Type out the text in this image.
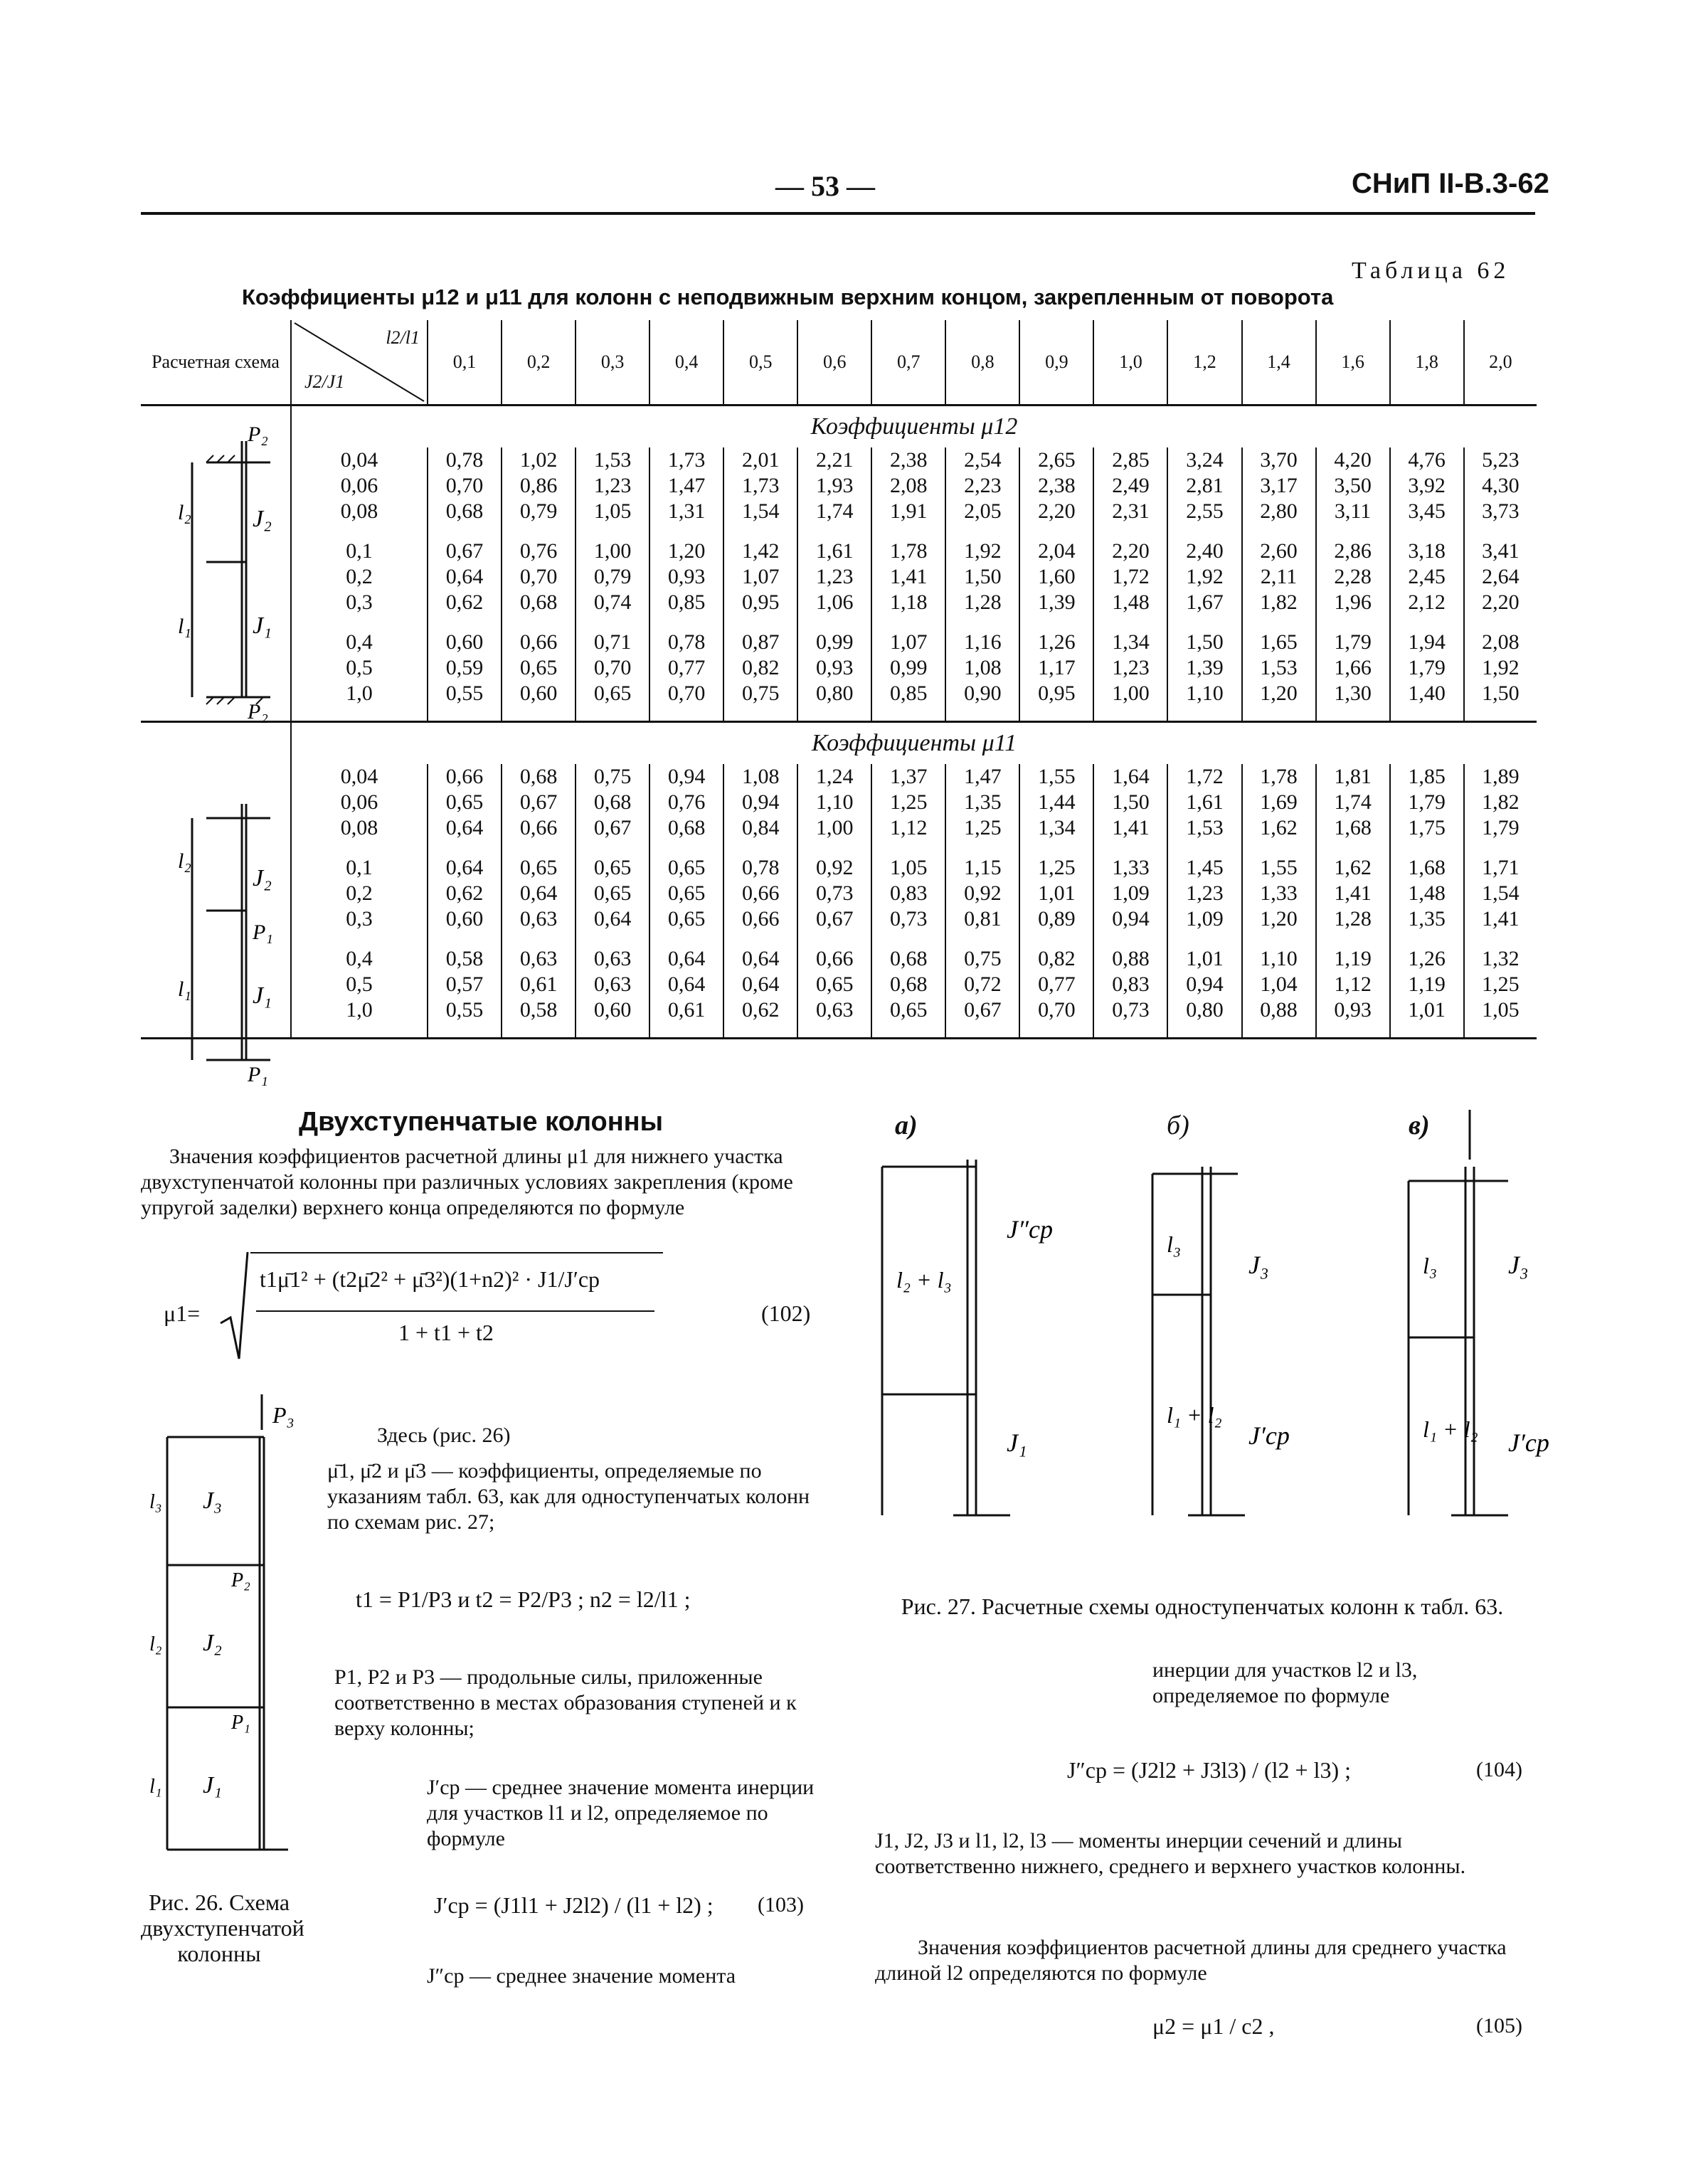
— 53 —	СНиП II-В.3-62
Таблица 62
Коэффициенты μ12 и μ11 для колонн с неподвижным верхним концом, закрепленным от поворота
Расчетная схема	l2/l1
J2/J1	0,1	0,2	0,3	0,4	0,5	0,6	0,7	0,8	0,9	1,0	1,2	1,4	1,6	1,8	2,0
	Коэффициенты μ12															
	0,04	0,78	1,02	1,53	1,73	2,01	2,21	2,38	2,54	2,65	2,85	3,24	3,70	4,20	4,76	5,23
	0,06	0,70	0,86	1,23	1,47	1,73	1,93	2,08	2,23	2,38	2,49	2,81	3,17	3,50	3,92	4,30
	0,08	0,68	0,79	1,05	1,31	1,54	1,74	1,91	2,05	2,20	2,31	2,55	2,80	3,11	3,45	3,73

	0,1	0,67	0,76	1,00	1,20	1,42	1,61	1,78	1,92	2,04	2,20	2,40	2,60	2,86	3,18	3,41
	0,2	0,64	0,70	0,79	0,93	1,07	1,23	1,41	1,50	1,60	1,72	1,92	2,11	2,28	2,45	2,64
	0,3	0,62	0,68	0,74	0,85	0,95	1,06	1,18	1,28	1,39	1,48	1,67	1,82	1,96	2,12	2,20

	0,4	0,60	0,66	0,71	0,78	0,87	0,99	1,07	1,16	1,26	1,34	1,50	1,65	1,79	1,94	2,08
	0,5	0,59	0,65	0,70	0,77	0,82	0,93	0,99	1,08	1,17	1,23	1,39	1,53	1,66	1,79	1,92
	1,0	0,55	0,60	0,65	0,70	0,75	0,80	0,85	0,90	0,95	1,00	1,10	1,20	1,30	1,40	1,50

	Коэффициенты μ11															
	0,04	0,66	0,68	0,75	0,94	1,08	1,24	1,37	1,47	1,55	1,64	1,72	1,78	1,81	1,85	1,89
	0,06	0,65	0,67	0,68	0,76	0,94	1,10	1,25	1,35	1,44	1,50	1,61	1,69	1,74	1,79	1,82
	0,08	0,64	0,66	0,67	0,68	0,84	1,00	1,12	1,25	1,34	1,41	1,53	1,62	1,68	1,75	1,79

	0,1	0,64	0,65	0,65	0,65	0,78	0,92	1,05	1,15	1,25	1,33	1,45	1,55	1,62	1,68	1,71
	0,2	0,62	0,64	0,65	0,65	0,66	0,73	0,83	0,92	1,01	1,09	1,23	1,33	1,41	1,48	1,54
	0,3	0,60	0,63	0,64	0,65	0,66	0,67	0,73	0,81	0,89	0,94	1,09	1,20	1,28	1,35	1,41

	0,4	0,58	0,63	0,63	0,64	0,64	0,66	0,68	0,75	0,82	0,88	1,01	1,10	1,19	1,26	1,32
	0,5	0,57	0,61	0,63	0,64	0,64	0,65	0,68	0,72	0,77	0,83	0,94	1,04	1,12	1,19	1,25
	1,0	0,55	0,58	0,60	0,61	0,62	0,63	0,65	0,67	0,70	0,73	0,80	0,88	0,93	1,01	1,05

P₂
P₂
J₂
J₁
l₂
l₁
J₂
P₁
J₁
P₁
l₂
l₁
Двухступенчатые колонны
Значения коэффициентов расчетной длины μ1 для нижнего участка двухступенчатой колонны при различных условиях закрепления (кроме упругой заделки) верхнего конца определяются по формуле
μ1=
t1μ̄1² + (t2μ̄2² + μ̄3²)(1+n2)² · J1/J′ср
1 + t1 + t2
(102)
P₃
J₃
J₂
J₁
P₂
P₁
l₃
l₂
l₁
Рис. 26. Схема двухступенчатой колонны
Здесь (рис. 26)
μ̄1, μ̄2 и μ̄3 — коэффициенты, определяемые по указаниям табл. 63, как для одноступенчатых колонн по схемам рис. 27;
t1 = P1/P3 и t2 = P2/P3 ; n2 = l2/l1 ;
P1, P2 и P3 — продольные силы, приложенные соответственно в местах образования ступеней и к верху колонны;
J′ср — среднее значение момента инерции для участков l1 и l2, определяемое по формуле
J′ср = (J1l1 + J2l2) / (l1 + l2) ;	(103)
J″ср — среднее значение момента
l₂ + l₃
J″ср
J₁
l₃
l₁ + l₂
J₃
J′ср
l₃
l₁ + l₂
J₃
J′ср
а)	б)	в)
Рис. 27. Расчетные схемы одноступенчатых колонн к табл. 63.
инерции для участков l2 и l3, определяемое по формуле
J″ср = (J2l2 + J3l3) / (l2 + l3) ;	(104)
J1, J2, J3 и l1, l2, l3 — моменты инерции сечений и длины соответственно нижнего, среднего и верхнего участков колонны.
Значения коэффициентов расчетной длины для среднего участка длиной l2 определяются по формуле
μ2 = μ1 / c2 ,	(105)
